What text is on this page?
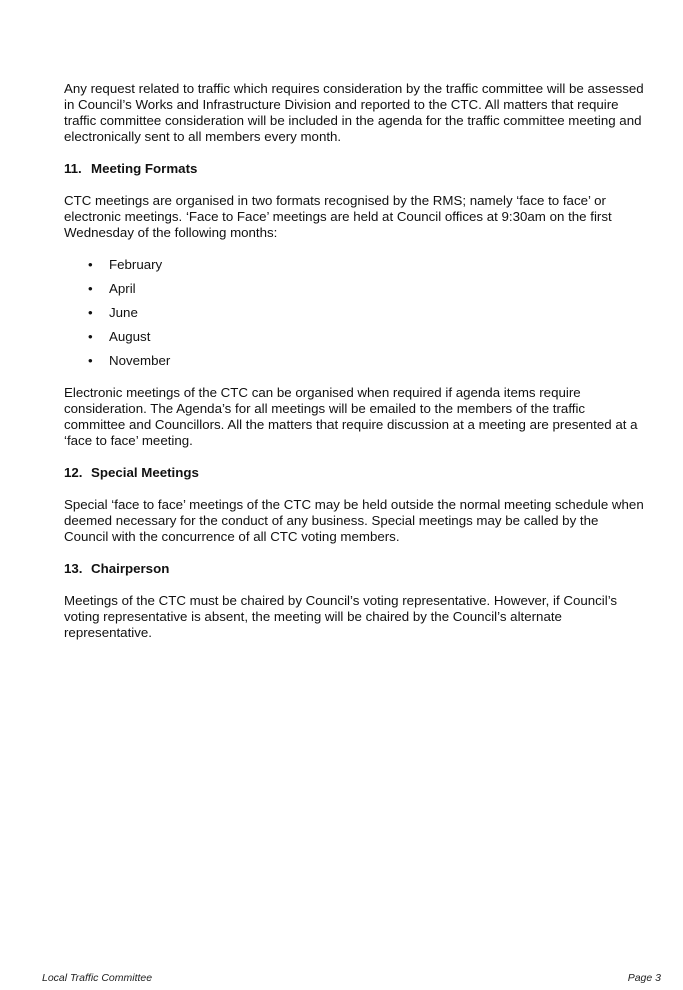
Any request related to traffic which requires consideration by the traffic committee will be assessed in Council’s Works and Infrastructure Division and reported to the CTC. All matters that require traffic committee consideration will be included in the agenda for the traffic committee meeting and electronically sent to all members every month.

11. Meeting Formats

CTC meetings are organised in two formats recognised by the RMS; namely ‘face to face’ or electronic meetings. ‘Face to Face’ meetings are held at Council offices at 9:30am on the first Wednesday of the following months:

• February
• April
• June
• August
• November

Electronic meetings of the CTC can be organised when required if agenda items require consideration. The Agenda’s for all meetings will be emailed to the members of the traffic committee and Councillors. All the matters that require discussion at a meeting are presented at a ‘face to face’ meeting.

12. Special Meetings

Special ‘face to face’ meetings of the CTC may be held outside the normal meeting schedule when deemed necessary for the conduct of any business. Special meetings may be called by the Council with the concurrence of all CTC voting members.

13. Chairperson

Meetings of the CTC must be chaired by Council’s voting representative. However, if Council’s voting representative is absent, the meeting will be chaired by the Council’s alternate representative.

Local Traffic Committee	Page 3
